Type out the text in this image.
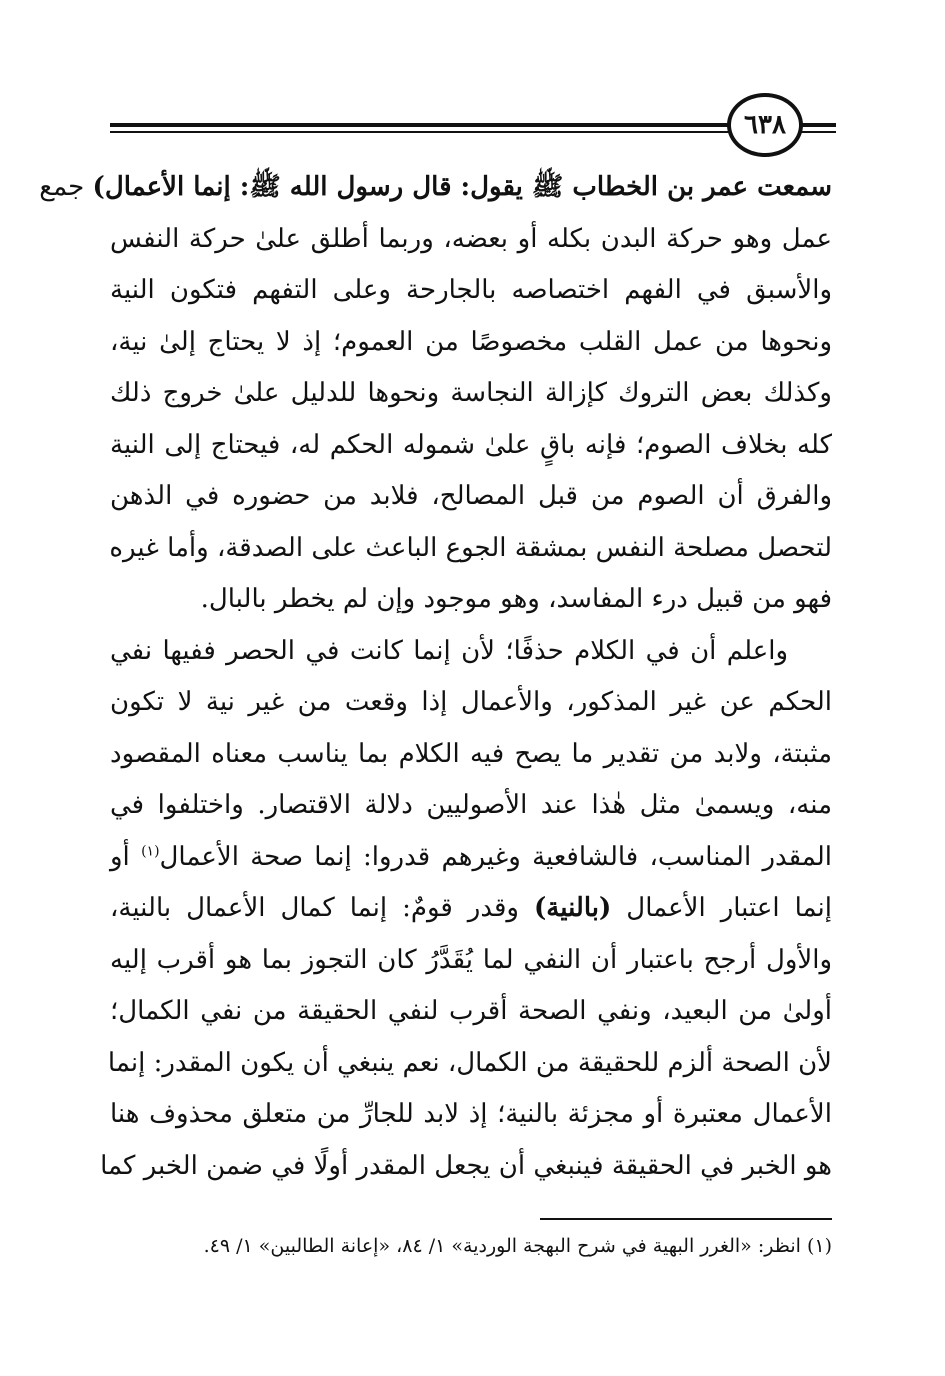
٦٣٨
سمعت عمر بن الخطاب ﷺ يقول: قال رسول الله ﷺ: إنما الأعمال) جمع
عمل وهو حركة البدن بكله أو بعضه، وربما أطلق علىٰ حركة النفس
والأسبق في الفهم اختصاصه بالجارحة وعلى التفهم فتكون النية
ونحوها من عمل القلب مخصوصًا من العموم؛ إذ لا يحتاج إلىٰ نية،
وكذلك بعض التروك كإزالة النجاسة ونحوها للدليل علىٰ خروج ذلك
كله بخلاف الصوم؛ فإنه باقٍ علىٰ شموله الحكم له، فيحتاج إلى النية
والفرق أن الصوم من قبل المصالح، فلابد من حضوره في الذهن
لتحصل مصلحة النفس بمشقة الجوع الباعث على الصدقة، وأما غيره
فهو من قبيل درء المفاسد، وهو موجود وإن لم يخطر بالبال.
واعلم أن في الكلام حذفًا؛ لأن إنما كانت في الحصر ففيها نفي
الحكم عن غير المذكور، والأعمال إذا وقعت من غير نية لا تكون
مثبتة، ولابد من تقدير ما يصح فيه الكلام بما يناسب معناه المقصود
منه، ويسمىٰ مثل هٰذا عند الأصوليين دلالة الاقتصار. واختلفوا في
المقدر المناسب، فالشافعية وغيرهم قدروا: إنما صحة الأعمال$^{(١)}$ أو
إنما اعتبار الأعمال (بالنية) وقدر قومٌ: إنما كمال الأعمال بالنية،
والأول أرجح باعتبار أن النفي لما يُقَدَّرُ كان التجوز بما هو أقرب إليه
أولىٰ من البعيد، ونفي الصحة أقرب لنفي الحقيقة من نفي الكمال؛
لأن الصحة ألزم للحقيقة من الكمال، نعم ينبغي أن يكون المقدر: إنما
الأعمال معتبرة أو مجزئة بالنية؛ إذ لابد للجارِّ من متعلق محذوف هنا
هو الخبر في الحقيقة فينبغي أن يجعل المقدر أولًا في ضمن الخبر كما
(١) انظر: «الغرر البهية في شرح البهجة الوردية» ١/ ٨٤، «إعانة الطالبين» ١/ ٤٩.
